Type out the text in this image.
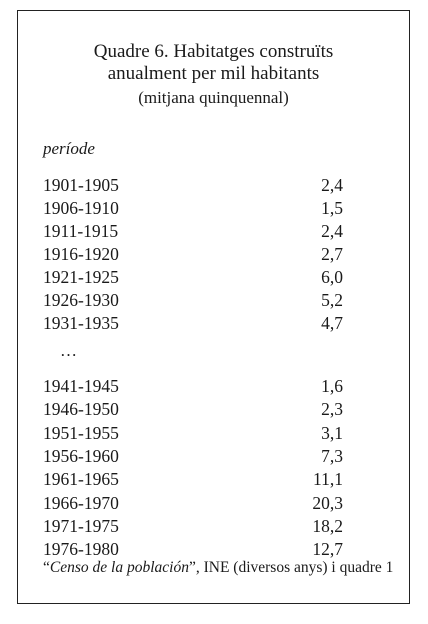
Quadre 6. Habitatges construïts
anualment per mil habitants
(mitjana quinquennal)
període
1901-1905	2,4
1906-1910	1,5
1911-1915	2,4
1916-1920	2,7
1921-1925	6,0
1926-1930	5,2
1931-1935	4,7
…
1941-1945	1,6
1946-1950	2,3
1951-1955	3,1
1956-1960	7,3
1961-1965	11,1
1966-1970	20,3
1971-1975	18,2
1976-1980	12,7
“Censo de la población”, INE (diversos anys) i quadre 1
